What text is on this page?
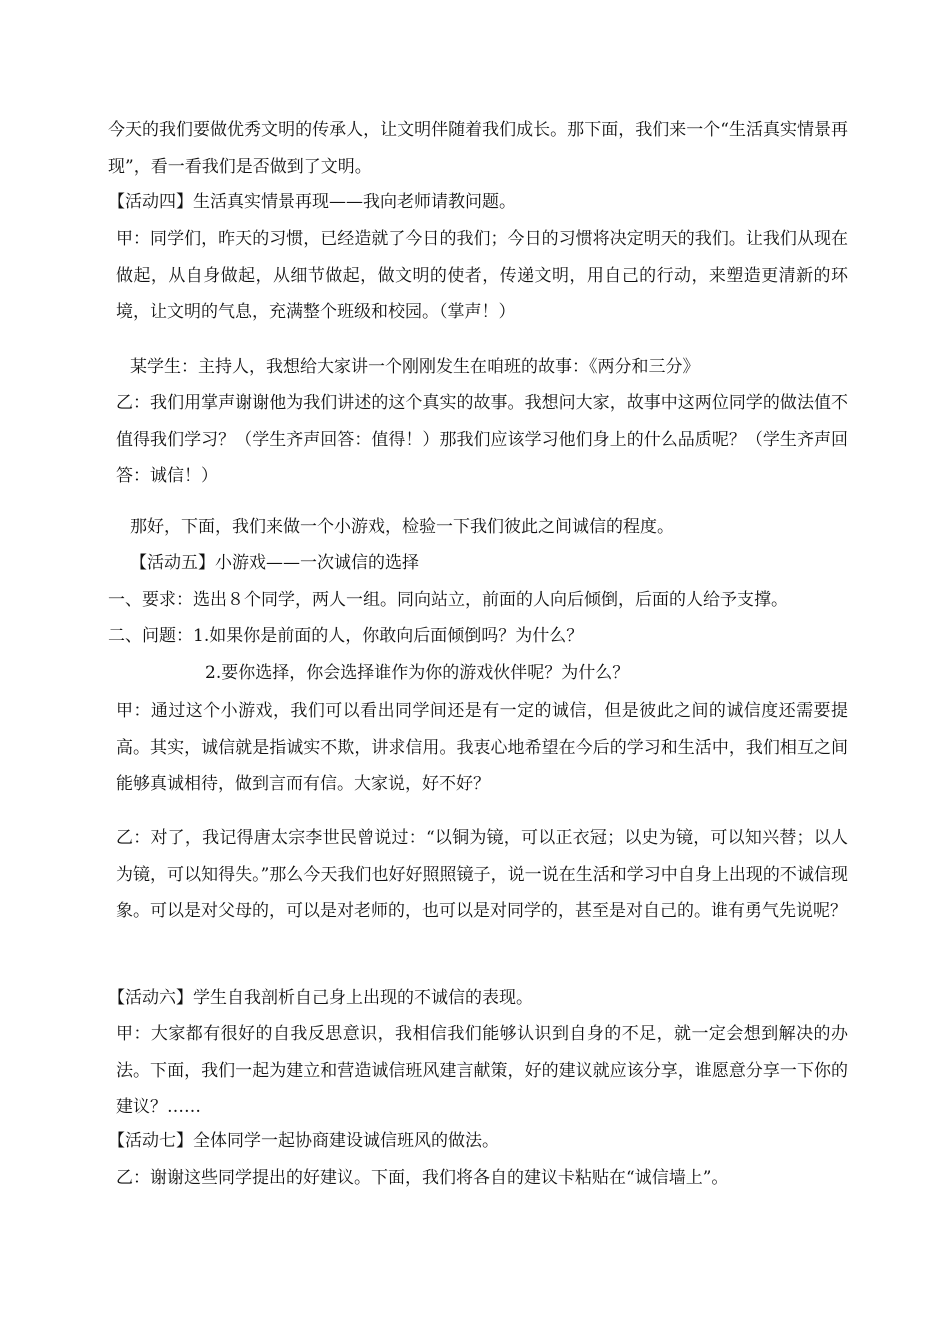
今天的我们要做优秀文明的传承人，让文明伴随着我们成长。那下面，我们来一个“生活真实情景再现”，看一看我们是否做到了文明。

【活动四】生活真实情景再现——我向老师请教问题。

甲：同学们，昨天的习惯，已经造就了今日的我们；今日的习惯将决定明天的我们。让我们从现在做起，从自身做起，从细节做起，做文明的使者，传递文明，用自己的行动，来塑造更清新的环境，让文明的气息，充满整个班级和校园。（掌声！）

某学生：主持人，我想给大家讲一个刚刚发生在咱班的故事：《两分和三分》

乙：我们用掌声谢谢他为我们讲述的这个真实的故事。我想问大家，故事中这两位同学的做法值不值得我们学习？（学生齐声回答：值得！）那我们应该学习他们身上的什么品质呢？（学生齐声回答：诚信！）

那好，下面，我们来做一个小游戏，检验一下我们彼此之间诚信的程度。

【活动五】小游戏——一次诚信的选择

一、要求：选出８个同学，两人一组。同向站立，前面的人向后倾倒，后面的人给予支撑。

二、问题：1.如果你是前面的人，你敢向后面倾倒吗？为什么？

2.要你选择，你会选择谁作为你的游戏伙伴呢？为什么？

甲：通过这个小游戏，我们可以看出同学间还是有一定的诚信，但是彼此之间的诚信度还需要提高。其实，诚信就是指诚实不欺，讲求信用。我衷心地希望在今后的学习和生活中，我们相互之间能够真诚相待，做到言而有信。大家说，好不好？

乙：对了，我记得唐太宗李世民曾说过：“以铜为镜，可以正衣冠；以史为镜，可以知兴替；以人为镜，可以知得失。”那么今天我们也好好照照镜子，说一说在生活和学习中自身上出现的不诚信现象。可以是对父母的，可以是对老师的，也可以是对同学的，甚至是对自己的。谁有勇气先说呢？

【活动六】学生自我剖析自己身上出现的不诚信的表现。

甲：大家都有很好的自我反思意识，我相信我们能够认识到自身的不足，就一定会想到解决的办法。下面，我们一起为建立和营造诚信班风建言献策，好的建议就应该分享，谁愿意分享一下你的建议？……

【活动七】全体同学一起协商建设诚信班风的做法。

乙：谢谢这些同学提出的好建议。下面，我们将各自的建议卡粘贴在“诚信墙上”。
